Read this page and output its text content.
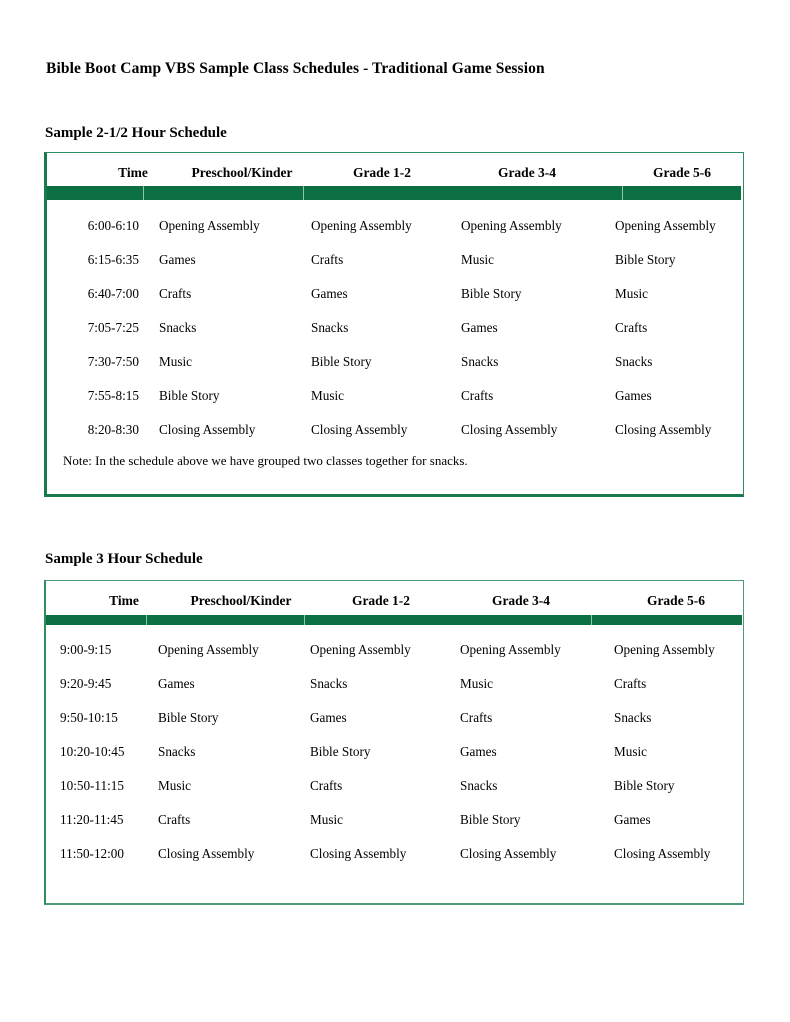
Bible Boot Camp VBS Sample Class Schedules - Traditional Game Session
Sample 2-1/2 Hour Schedule
Time	Preschool/Kinder	Grade 1-2	Grade 3-4	Grade 5-6
6:00-6:10 Opening Assembly	Opening Assembly	Opening Assembly	Opening Assembly
6:15-6:35 Games	Crafts	Music	Bible Story
6:40-7:00 Crafts	Games	Bible Story	Music
7:05-7:25 Snacks	Snacks	Games	Crafts
7:30-7:50 Music	Bible Story	Snacks	Snacks
7:55-8:15 Bible Story	Music	Crafts	Games
8:20-8:30 Closing Assembly	Closing Assembly	Closing Assembly	Closing Assembly
Note: In the schedule above we have grouped two classes together for snacks.
Sample 3 Hour Schedule
Time	Preschool/Kinder	Grade 1-2	Grade 3-4	Grade 5-6
9:00-9:15	Opening Assembly	Opening Assembly	Opening Assembly	Opening Assembly
9:20-9:45	Games	Snacks	Music	Crafts
9:50-10:15	Bible Story	Games	Crafts	Snacks
10:20-10:45	Snacks	Bible Story	Games	Music
10:50-11:15	Music	Crafts	Snacks	Bible Story
11:20-11:45	Crafts	Music	Bible Story	Games
11:50-12:00	Closing Assembly	Closing Assembly	Closing Assembly	Closing Assembly
